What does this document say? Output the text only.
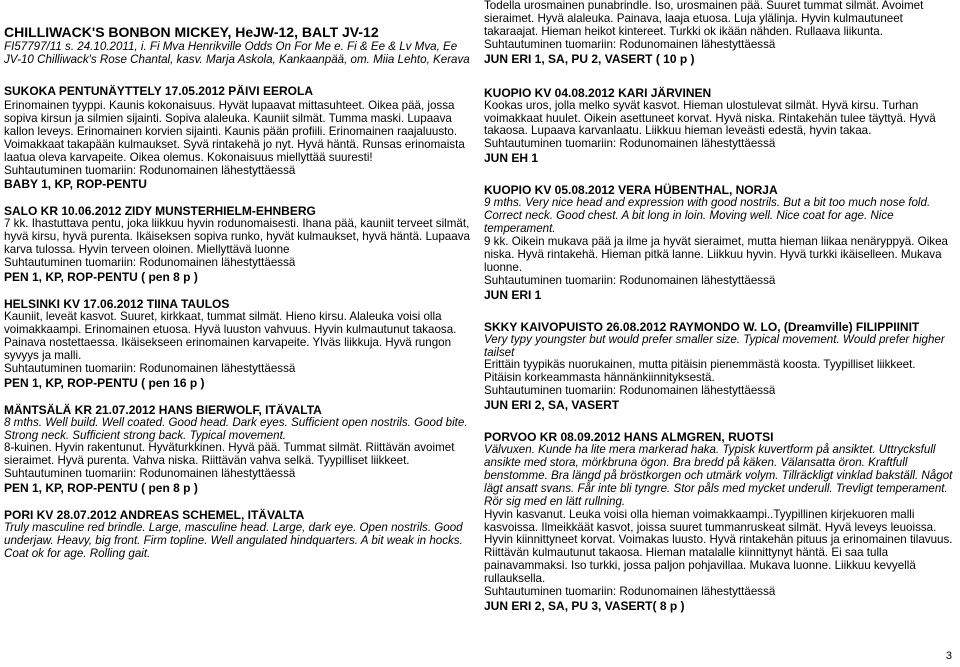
CHILLIWACK'S BONBON MICKEY, HeJW-12, BALT JV-12

FI57797/11 s. 24.10.2011, i. Fi Mva Henrikville Odds On For Me e. Fi & Ee & Lv Mva, Ee JV-10 Chilliwack's Rose Chantal, kasv. Marja Askola, Kankaanpää, om. Miia Lehto, Kerava

SUKOKA PENTUNÄYTTELY 17.05.2012 PÄIVI EEROLA

Erinomainen tyyppi. Kaunis kokonaisuus. Hyvät lupaavat mittasuhteet. Oikea pää, jossa sopiva kirsun ja silmien sijainti. Sopiva alaleuka. Kauniit silmät. Tumma maski. Lupaava kallon leveys. Erinomainen korvien sijainti. Kaunis pään profiili. Erinomainen raajaluusto. Voimakkaat takapään kulmaukset. Syvä rintakehä jo nyt. Hyvä häntä. Runsas erinomaista laatua oleva karvapeite. Oikea olemus. Kokonaisuus miellyttää suuresti!

Suhtautuminen tuomariin: Rodunomainen lähestyttäessä

BABY 1, KP, ROP-PENTU

SALO KR 10.06.2012 ZIDY MUNSTERHIELM-EHNBERG

7 kk. Ihastuttava pentu, joka liikkuu hyvin rodunomaisesti. Ihana pää, kauniit terveet silmät, hyvä kirsu, hyvä purenta. Ikäiseksen sopiva runko, hyvät kulmaukset, hyvä häntä. Lupaava karva tulossa. Hyvin terveen oloinen. Miellyttävä luonne

Suhtautuminen tuomariin: Rodunomainen lähestyttäessä

PEN 1, KP, ROP-PENTU ( pen 8 p )

HELSINKI KV 17.06.2012 TIINA TAULOS

Kauniit, leveät kasvot. Suuret, kirkkaat, tummat silmät. Hieno kirsu. Alaleuka voisi olla voimakkaampi. Erinomainen etuosa. Hyvä luuston vahvuus. Hyvin kulmautunut takaosa. Painava nostettaessa. Ikäisekseen erinomainen karvapeite. Ylväs liikkuja. Hyvä rungon syvyys ja malli.

Suhtautuminen tuomariin: Rodunomainen lähestyttäessä

PEN 1, KP, ROP-PENTU ( pen 16 p )

MÄNTSÄLÄ KR 21.07.2012 HANS BIERWOLF, ITÄVALTA

8 mths. Well build. Well coated. Good head. Dark eyes. Sufficient open nostrils. Good bite. Strong neck. Sufficient strong back. Typical movement.

8-kuinen. Hyvin rakentunut. Hyväturkkinen. Hyvä pää. Tummat silmät. Riittävän avoimet sieraimet. Hyvä purenta. Vahva niska. Riittävän vahva selkä. Tyypilliset liikkeet.

Suhtautuminen tuomariin: Rodunomainen lähestyttäessä

PEN 1, KP, ROP-PENTU ( pen 8 p )

PORI KV 28.07.2012 ANDREAS SCHEMEL, ITÄVALTA

Truly masculine red brindle. Large, masculine head. Large, dark eye. Open nostrils. Good underjaw. Heavy, big front. Firm topline. Well angulated hindquarters. A bit weak in hocks. Coat ok for age. Rolling gait.

Todella urosmainen punabrindle. Iso, urosmainen pää. Suuret tummat silmät. Avoimet sieraimet. Hyvä alaleuka. Painava, laaja etuosa. Luja ylälinja. Hyvin kulmautuneet takaraajat. Hieman heikot kintereet. Turkki ok ikään nähden. Rullaava liikunta.

Suhtautuminen tuomariin: Rodunomainen lähestyttäessä

JUN ERI 1, SA, PU 2, VASERT ( 10 p )

KUOPIO KV 04.08.2012 KARI JÄRVINEN

Kookas uros, jolla melko syvät kasvot. Hieman ulostulevat silmät. Hyvä kirsu. Turhan voimakkaat huulet. Oikein asettuneet korvat. Hyvä niska. Rintakehän tulee täyttyä. Hyvä takaosa. Lupaava karvanlaatu. Liikkuu hieman leveästi edestä, hyvin takaa.

Suhtautuminen tuomariin: Rodunomainen lähestyttäessä

JUN EH 1

KUOPIO KV 05.08.2012 VERA HÜBENTHAL, NORJA

9 mths. Very nice head and expression with good nostrils. But a bit too much nose fold. Correct neck. Good chest. A bit long in loin. Moving well. Nice coat for age. Nice temperament.

9 kk. Oikein mukava pää ja ilme ja hyvät sieraimet, mutta hieman liikaa nenäryppyä. Oikea niska. Hyvä rintakehä. Hieman pitkä lanne. Liikkuu hyvin. Hyvä turkki ikäiselleen. Mukava luonne.

Suhtautuminen tuomariin: Rodunomainen lähestyttäessä

JUN ERI 1

SKKY KAIVOPUISTO 26.08.2012 RAYMONDO W. LO, (Dreamville) FILIPPIINIT

Very typy youngster but would prefer smaller size. Typical movement. Would prefer higher tailset

Erittäin tyypikäs nuorukainen, mutta pitäisin pienemmästä koosta. Tyypilliset liikkeet. Pitäisin korkeammasta hännänkiinnityksestä.

Suhtautuminen tuomariin: Rodunomainen lähestyttäessä

JUN ERI 2, SA, VASERT

PORVOO KR 08.09.2012 HANS ALMGREN, RUOTSI

Välvuxen. Kunde ha lite mera markerad haka. Typisk kuvertform på ansiktet. Uttrycksfull ansikte med stora, mörkbruna ögon. Bra bredd på käken. Välansatta öron. Kraftfull benstomme. Bra längd på bröstkorgen och utmärk volym. Tillräckligt vinklad bakställ. Något lägt ansatt svans. Får inte bli tyngre. Stor påls med mycket underull. Trevligt temperament. Rör sig med en lätt rullning.

Hyvin kasvanut. Leuka voisi olla hieman voimakkaampi..Tyypillinen kirjekuoren malli kasvoissa. Ilmeikkäät kasvot, joissa suuret tummanruskeat silmät. Hyvä leveys leuoissa. Hyvin kiinnittyneet korvat. Voimakas luusto. Hyvä rintakehän pituus ja erinomainen tilavuus. Riittävän kulmautunut takaosa. Hieman matalalle kiinnittynyt häntä. Ei saa tulla painavammaksi. Iso turkki, jossa paljon pohjavillaa. Mukava luonne. Liikkuu kevyellä rullauksella.

Suhtautuminen tuomariin: Rodunomainen lähestyttäessä

JUN ERI 2, SA, PU 3, VASERT( 8 p )

3
